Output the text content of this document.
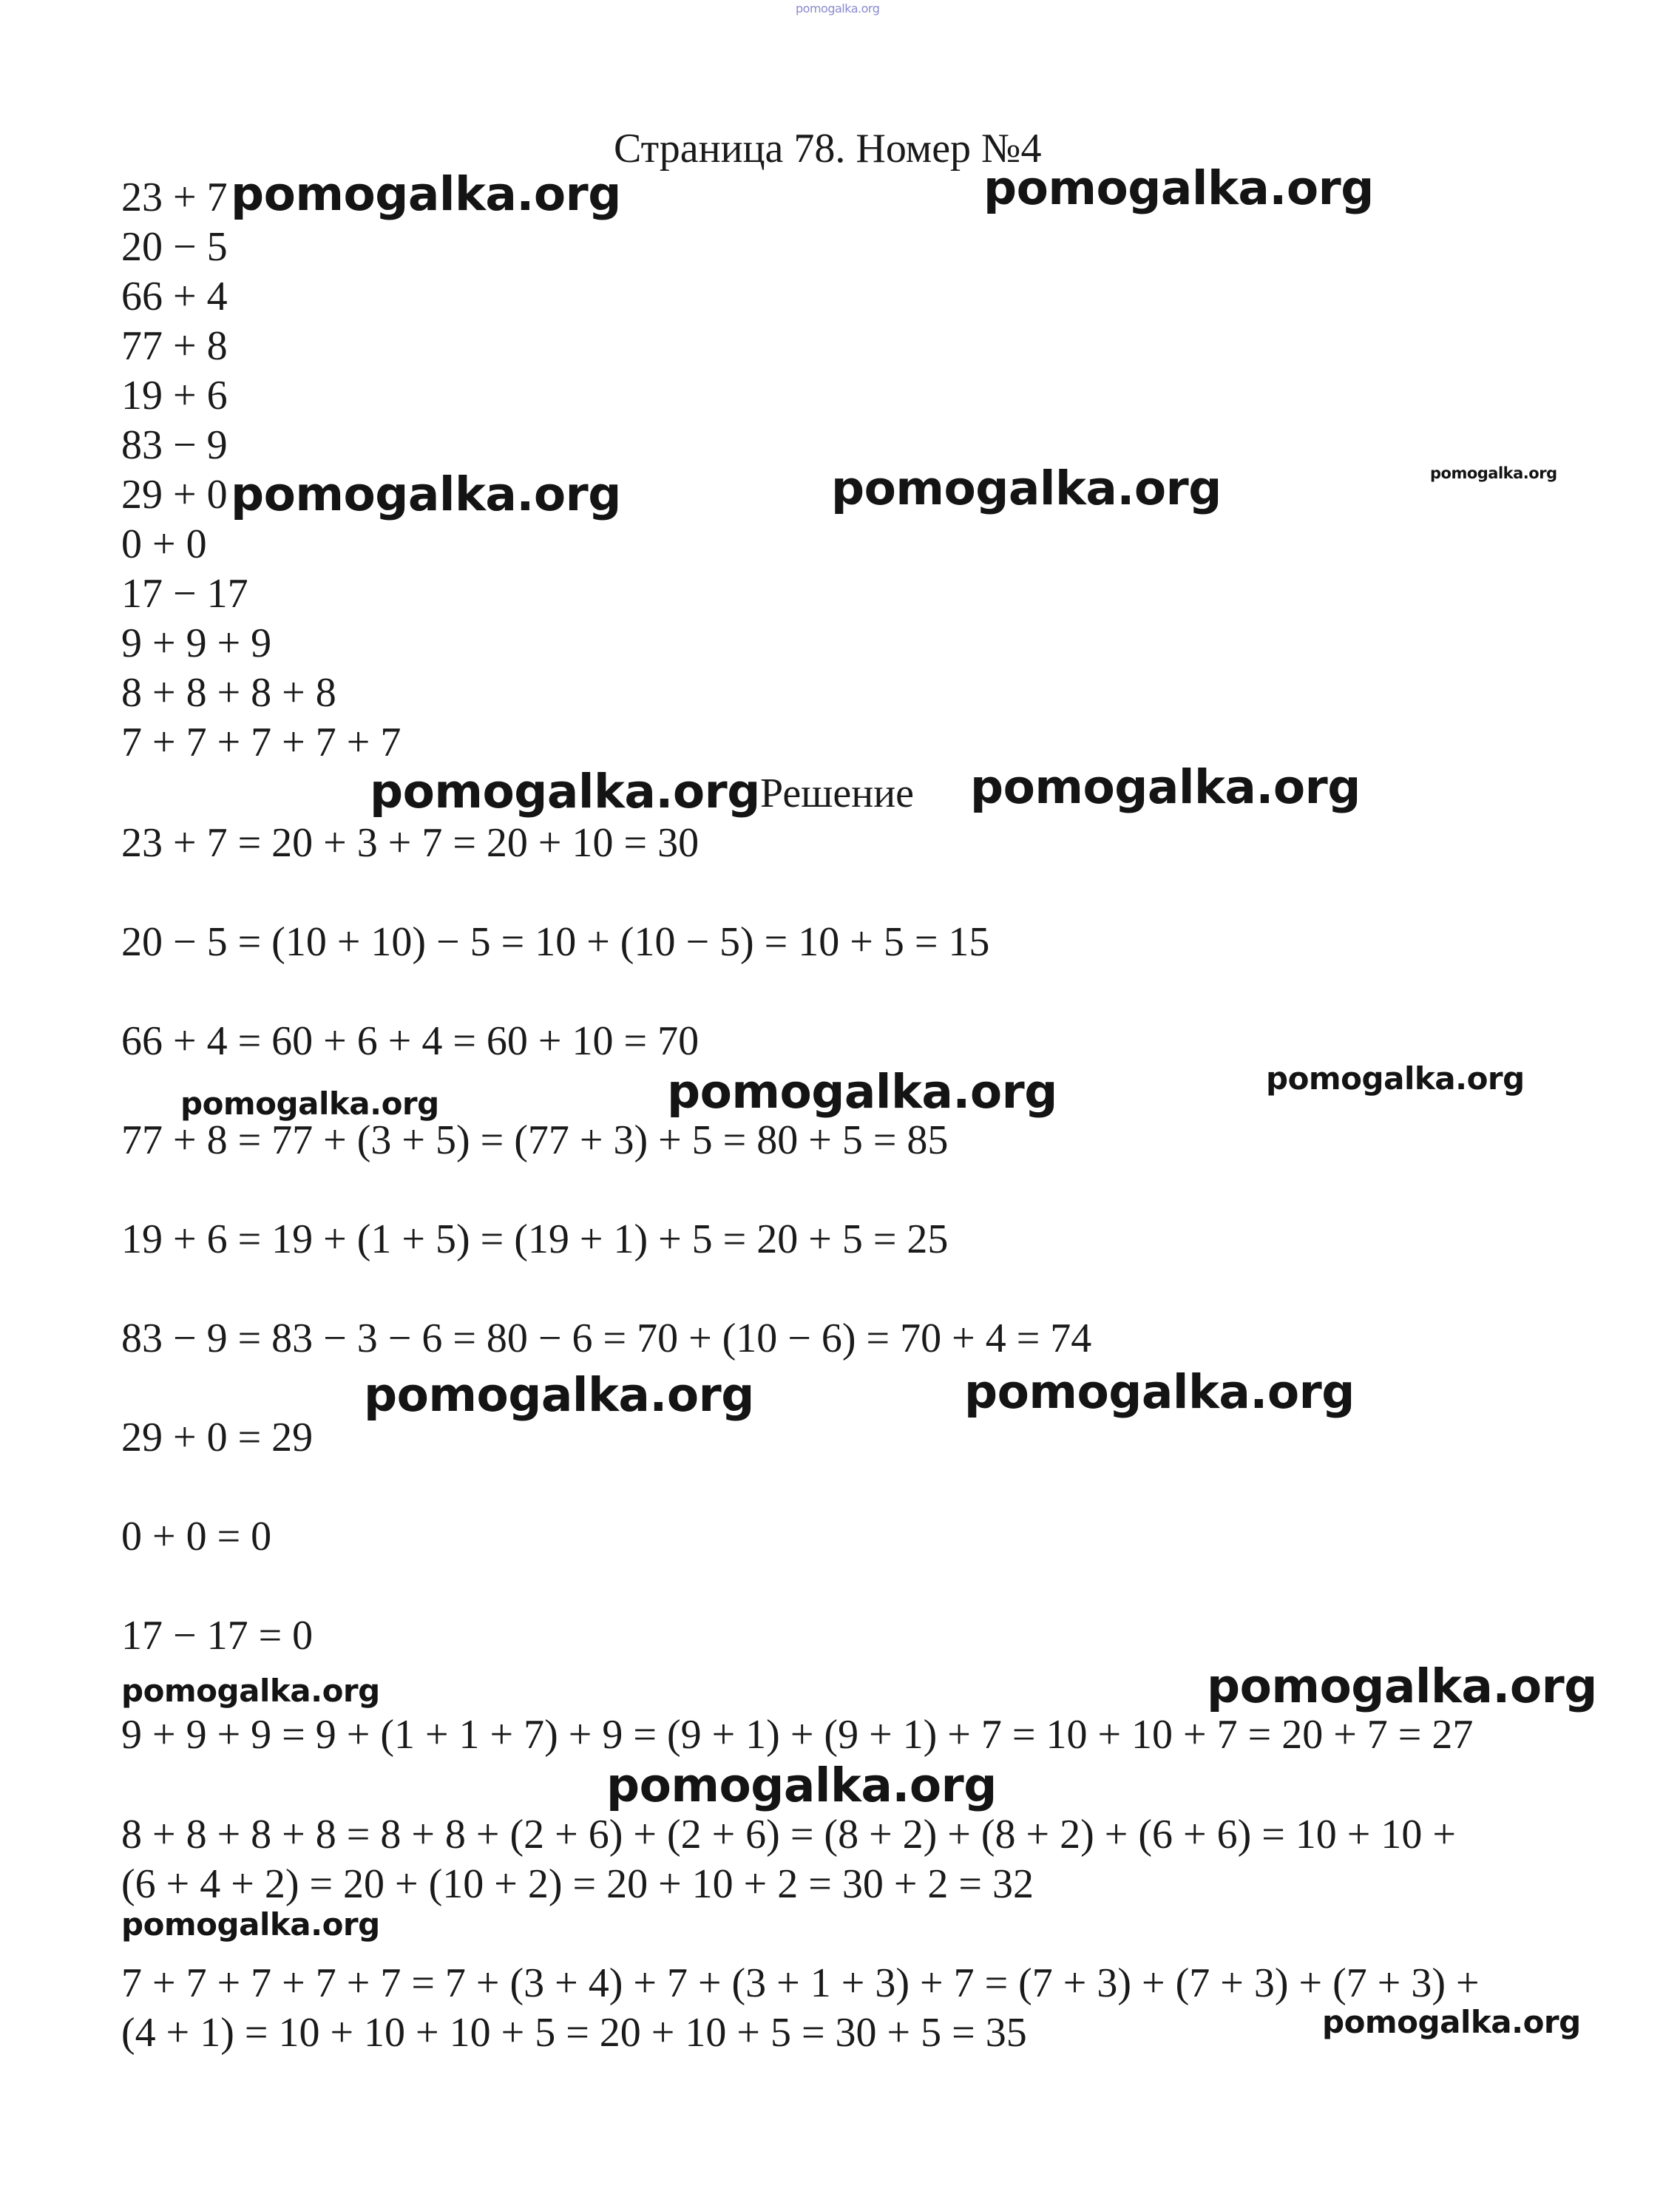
pomogalka.org
Страница 78. Номер №4
23 + 7
20 − 5
66 + 4
77 + 8
19 + 6
83 − 9
29 + 0
0 + 0
17 − 17
9 + 9 + 9
8 + 8 + 8 + 8
7 + 7 + 7 + 7 + 7
Решение
23 + 7 = 20 + 3 + 7 = 20 + 10 = 30
20 − 5 = (10 + 10) − 5 = 10 + (10 − 5) = 10 + 5 = 15
66 + 4 = 60 + 6 + 4 = 60 + 10 = 70
77 + 8 = 77 + (3 + 5) = (77 + 3) + 5 = 80 + 5 = 85
19 + 6 = 19 + (1 + 5) = (19 + 1) + 5 = 20 + 5 = 25
83 − 9 = 83 − 3 − 6 = 80 − 6 = 70 + (10 − 6) = 70 + 4 = 74
29 + 0 = 29
0 + 0 = 0
17 − 17 = 0
9 + 9 + 9 = 9 + (1 + 1 + 7) + 9 = (9 + 1) + (9 + 1) + 7 = 10 + 10 + 7 = 20 + 7 = 27
8 + 8 + 8 + 8 = 8 + 8 + (2 + 6) + (2 + 6) = (8 + 2) + (8 + 2) + (6 + 6) = 10 + 10 +
(6 + 4 + 2) = 20 + (10 + 2) = 20 + 10 + 2 = 30 + 2 = 32
7 + 7 + 7 + 7 + 7 = 7 + (3 + 4) + 7 + (3 + 1 + 3) + 7 = (7 + 3) + (7 + 3) + (7 + 3) +
(4 + 1) = 10 + 10 + 10 + 5 = 20 + 10 + 5 = 30 + 5 = 35
pomogalka.org	pomogalka.org
pomogalka.org	pomogalka.org	pomogalka.org
pomogalka.org	pomogalka.org
pomogalka.org	pomogalka.org	pomogalka.org
pomogalka.org	pomogalka.org
pomogalka.org	pomogalka.org
pomogalka.org
pomogalka.org
pomogalka.org
